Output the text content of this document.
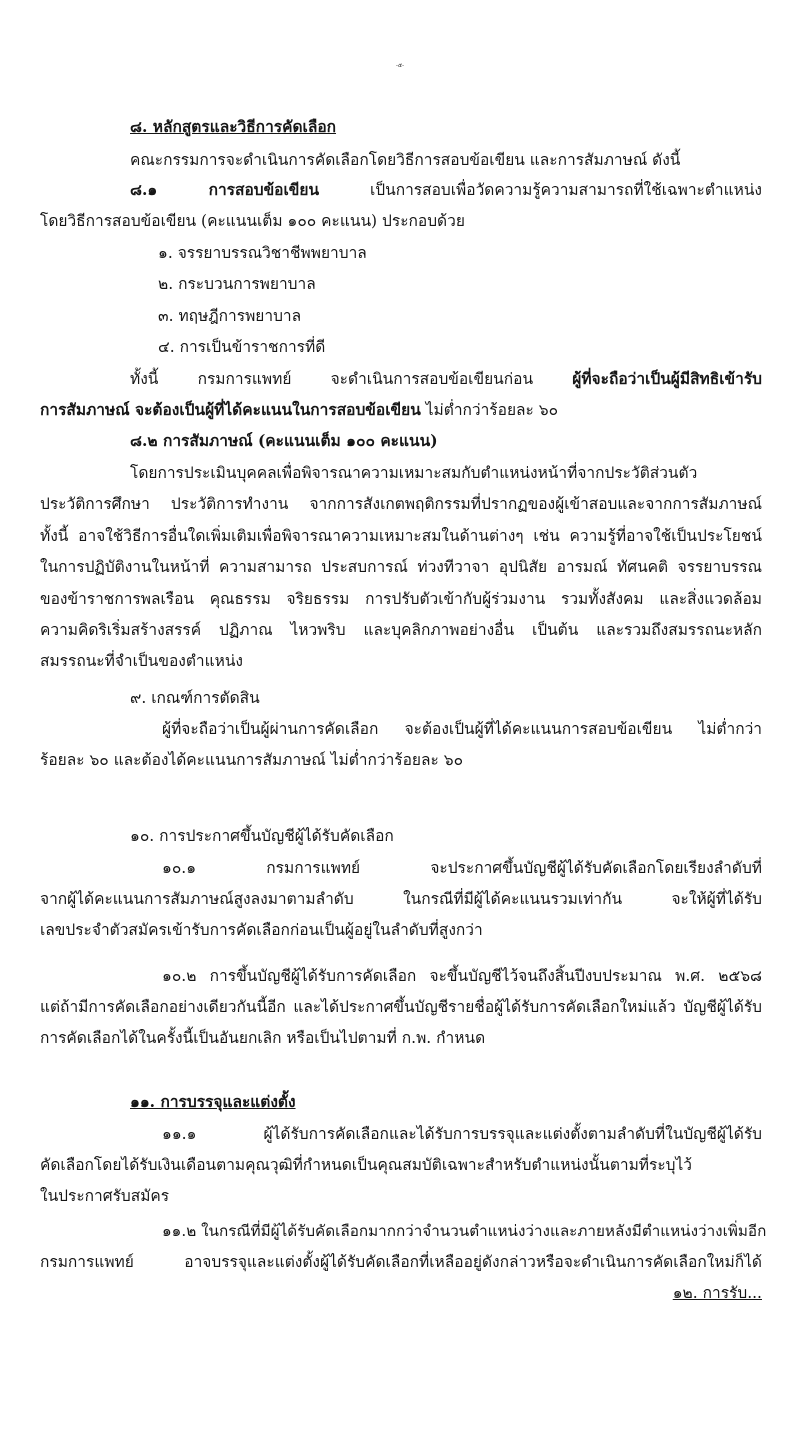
-๕-
๘. หลักสูตรและวิธีการคัดเลือก
คณะกรรมการจะดำเนินการคัดเลือกโดยวิธีการสอบข้อเขียน และการสัมภาษณ์ ดังนี้
๘.๑ การสอบข้อเขียน	เป็นการสอบเพื่อวัดความรู้ความสามารถที่ใช้เฉพาะตำแหน่ง
โดยวิธีการสอบข้อเขียน (คะแนนเต็ม ๑๐๐ คะแนน) ประกอบด้วย
๑. จรรยาบรรณวิชาชีพพยาบาล
๒. กระบวนการพยาบาล
๓. ทฤษฎีการพยาบาล
๔. การเป็นข้าราชการที่ดี
ทั้งนี้ กรมการแพทย์ จะดำเนินการสอบข้อเขียนก่อน	ผู้ที่จะถือว่าเป็นผู้มีสิทธิเข้ารับ
การสัมภาษณ์ จะต้องเป็นผู้ที่ได้คะแนนในการสอบข้อเขียน ไม่ต่ำกว่าร้อยละ ๖๐
๘.๒ การสัมภาษณ์ (คะแนนเต็ม ๑๐๐ คะแนน)
โดยการประเมินบุคคลเพื่อพิจารณาความเหมาะสมกับตำแหน่งหน้าที่จากประวัติส่วนตัว
ประวัติการศึกษา ประวัติการทำงาน จากการสังเกตพฤติกรรมที่ปรากฏของผู้เข้าสอบและจากการสัมภาษณ์
ทั้งนี้ อาจใช้วิธีการอื่นใดเพิ่มเติมเพื่อพิจารณาความเหมาะสมในด้านต่างๆ เช่น ความรู้ที่อาจใช้เป็นประโยชน์
ในการปฏิบัติงานในหน้าที่ ความสามารถ ประสบการณ์ ท่วงทีวาจา อุปนิสัย อารมณ์ ทัศนคติ จรรยาบรรณ
ของข้าราชการพลเรือน คุณธรรม จริยธรรม การปรับตัวเข้ากับผู้ร่วมงาน รวมทั้งสังคม และสิ่งแวดล้อม
ความคิดริเริ่มสร้างสรรค์ ปฏิภาณ ไหวพริบ และบุคลิกภาพอย่างอื่น เป็นต้น และรวมถึงสมรรถนะหลัก
สมรรถนะที่จำเป็นของตำแหน่ง
๙. เกณฑ์การตัดสิน
ผู้ที่จะถือว่าเป็นผู้ผ่านการคัดเลือก จะต้องเป็นผู้ที่ได้คะแนนการสอบข้อเขียน ไม่ต่ำกว่า
ร้อยละ ๖๐ และต้องได้คะแนนการสัมภาษณ์ ไม่ต่ำกว่าร้อยละ ๖๐
๑๐. การประกาศขึ้นบัญชีผู้ได้รับคัดเลือก
๑๐.๑ กรมการแพทย์ จะประกาศขึ้นบัญชีผู้ได้รับคัดเลือกโดยเรียงลำดับที่
จากผู้ได้คะแนนการสัมภาษณ์สูงลงมาตามลำดับ ในกรณีที่มีผู้ได้คะแนนรวมเท่ากัน จะให้ผู้ที่ได้รับ
เลขประจำตัวสมัครเข้ารับการคัดเลือกก่อนเป็นผู้อยู่ในลำดับที่สูงกว่า
๑๐.๒ การขึ้นบัญชีผู้ได้รับการคัดเลือก จะขึ้นบัญชีไว้จนถึงสิ้นปีงบประมาณ พ.ศ. ๒๕๖๘
แต่ถ้ามีการคัดเลือกอย่างเดียวกันนี้อีก และได้ประกาศขึ้นบัญชีรายชื่อผู้ได้รับการคัดเลือกใหม่แล้ว บัญชีผู้ได้รับ
การคัดเลือกได้ในครั้งนี้เป็นอันยกเลิก หรือเป็นไปตามที่ ก.พ. กำหนด
๑๑. การบรรจุและแต่งตั้ง
๑๑.๑ ผู้ได้รับการคัดเลือกและได้รับการบรรจุและแต่งตั้งตามลำดับที่ในบัญชีผู้ได้รับ
คัดเลือกโดยได้รับเงินเดือนตามคุณวุฒิที่กำหนดเป็นคุณสมบัติเฉพาะสำหรับตำแหน่งนั้นตามที่ระบุไว้
ในประกาศรับสมัคร
๑๑.๒ ในกรณีที่มีผู้ได้รับคัดเลือกมากกว่าจำนวนตำแหน่งว่างและภายหลังมีตำแหน่งว่างเพิ่มอีก
กรมการแพทย์ อาจบรรจุและแต่งตั้งผู้ได้รับคัดเลือกที่เหลืออยู่ดังกล่าวหรือจะดำเนินการคัดเลือกใหม่ก็ได้
๑๒. การรับ...
